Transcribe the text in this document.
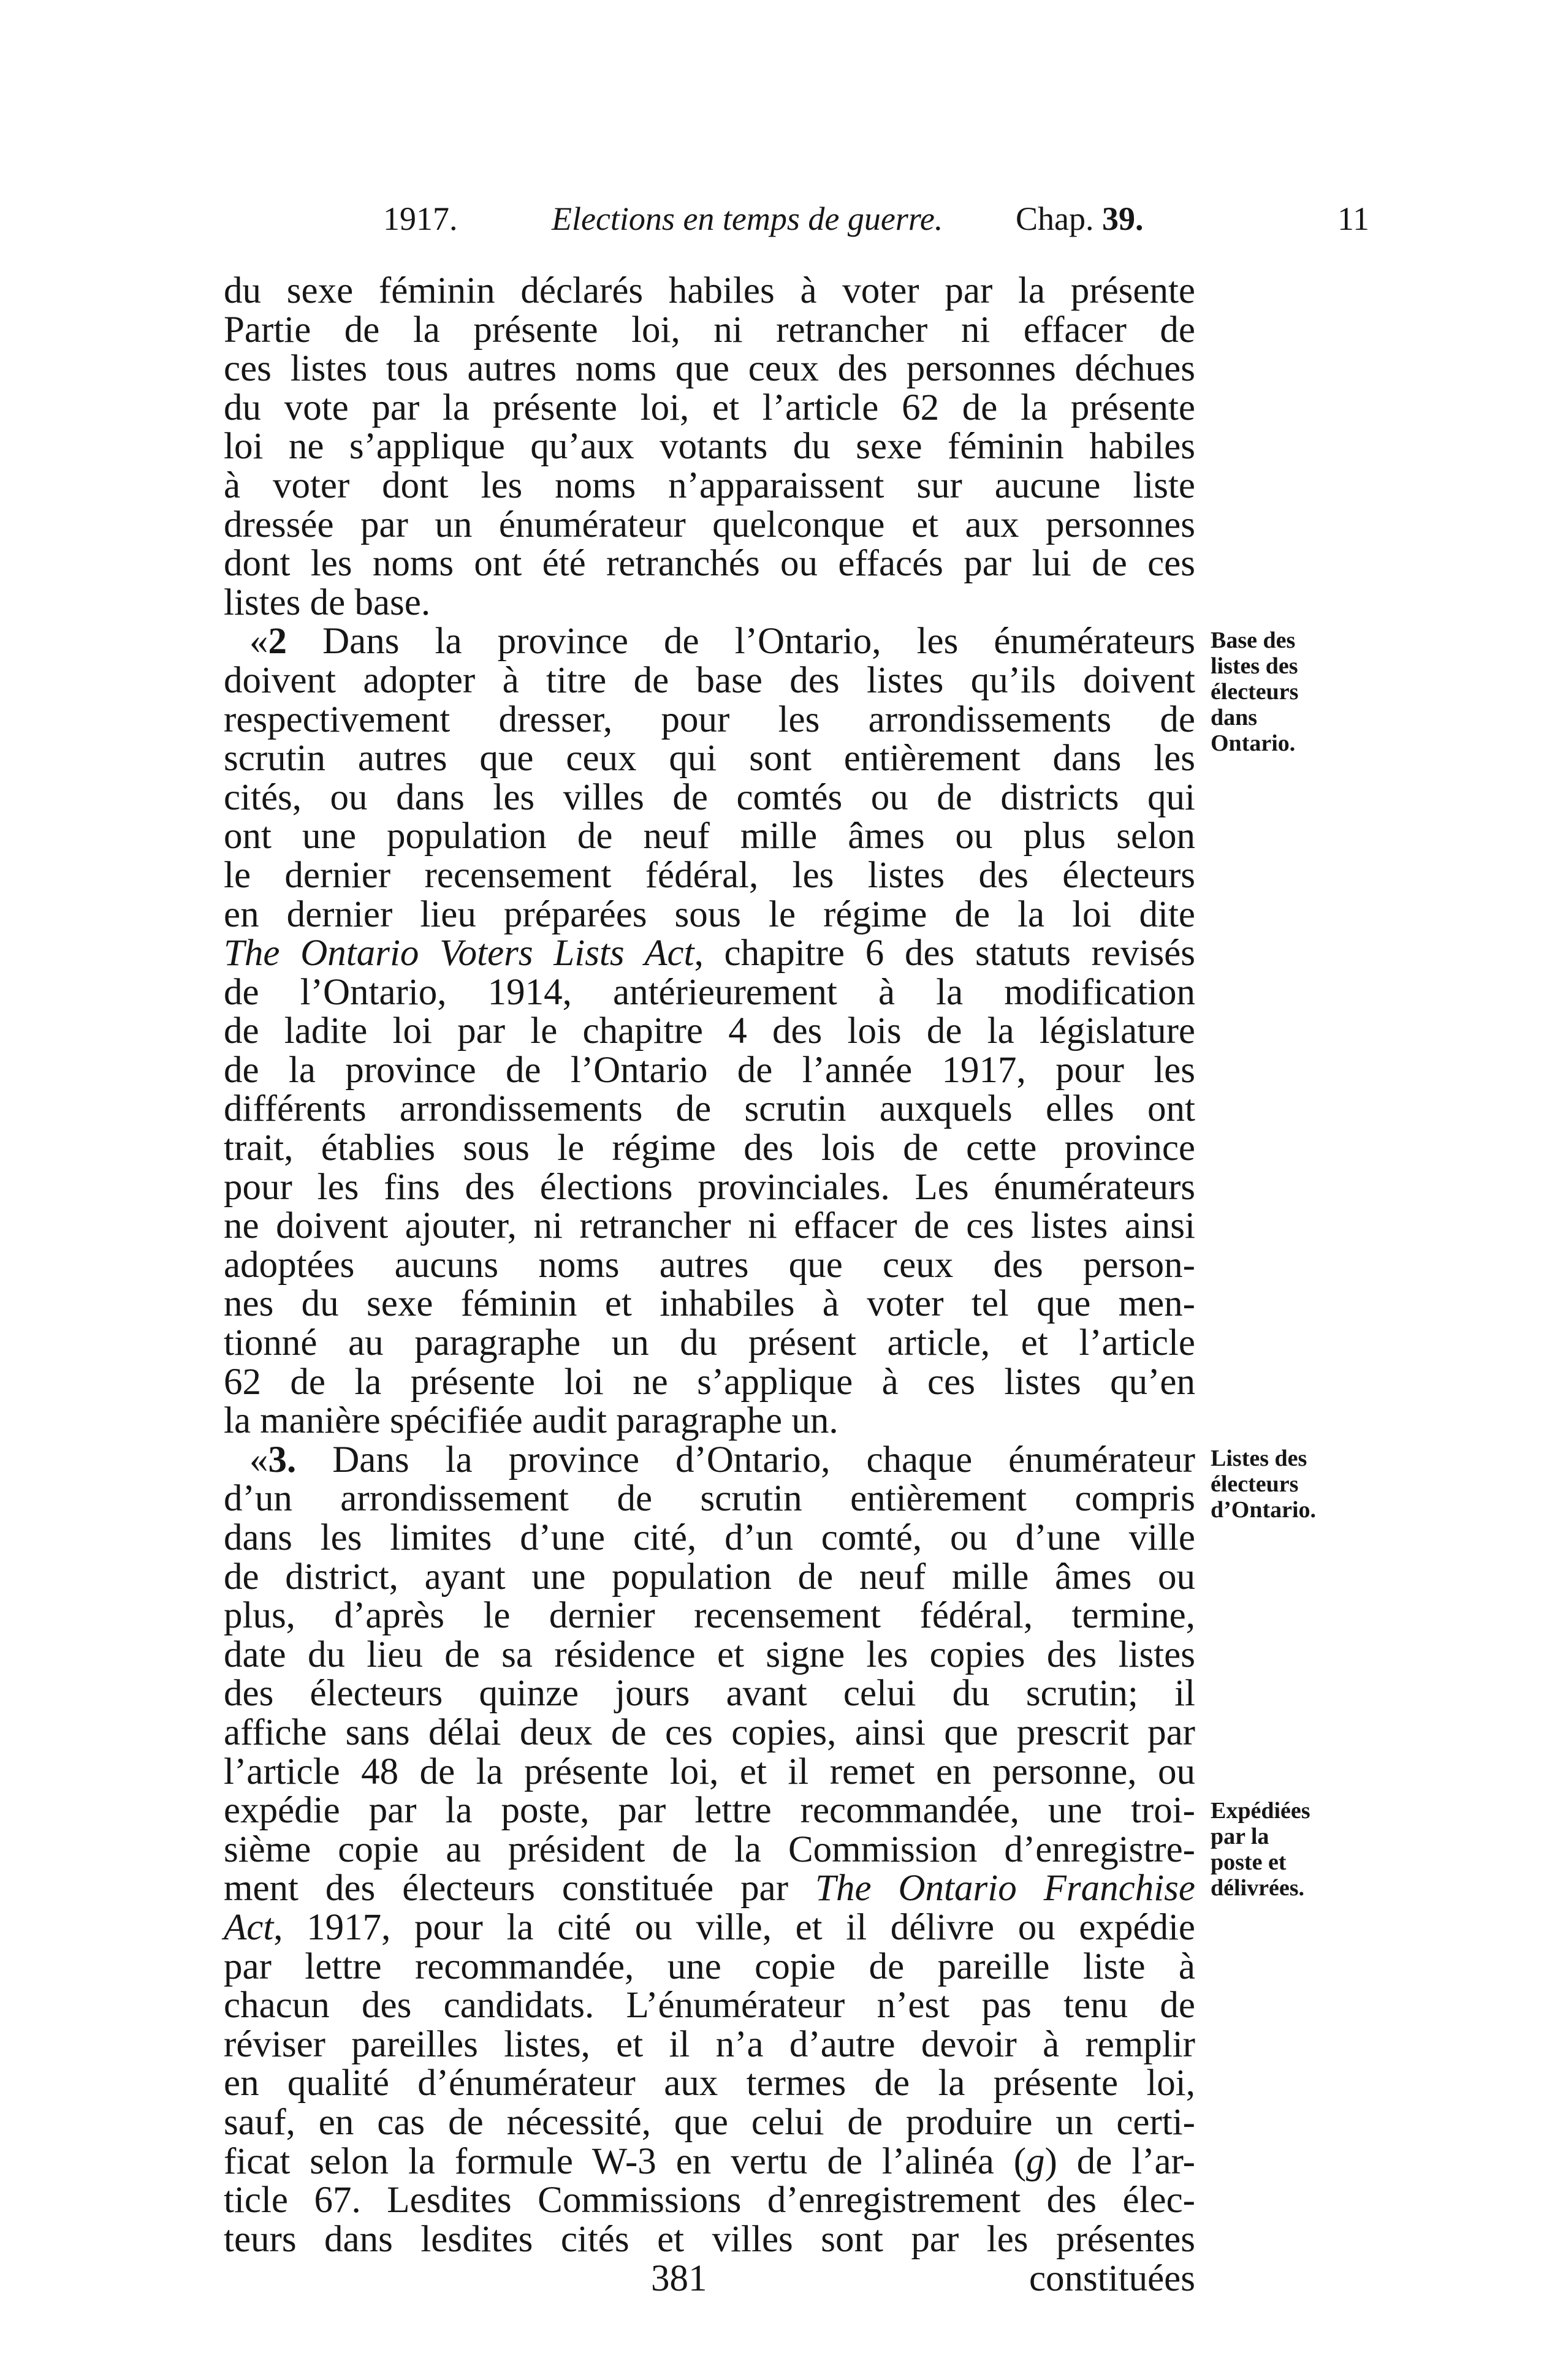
1917.	Elections en temps de guerre. Chap. 39.	11
du sexe féminin déclarés habiles à voter par la présente
Partie de la présente loi, ni retrancher ni effacer de
ces listes tous autres noms que ceux des personnes déchues
du vote par la présente loi, et l’article 62 de la présente
loi ne s’applique qu’aux votants du sexe féminin habiles
à voter dont les noms n’apparaissent sur aucune liste
dressée par un énumérateur quelconque et aux personnes
dont les noms ont été retranchés ou effacés par lui de ces
listes de base.
«2 Dans la province de l’Ontario, les énumérateurs
doivent adopter à titre de base des listes qu’ils doivent
respectivement dresser, pour les arrondissements de
scrutin autres que ceux qui sont entièrement dans les
cités, ou dans les villes de comtés ou de districts qui
ont une population de neuf mille âmes ou plus selon
le dernier recensement fédéral, les listes des électeurs
en dernier lieu préparées sous le régime de la loi dite
The Ontario Voters Lists Act, chapitre 6 des statuts revisés
de l’Ontario, 1914, antérieurement à la modification
de ladite loi par le chapitre 4 des lois de la législature
de la province de l’Ontario de l’année 1917, pour les
différents arrondissements de scrutin auxquels elles ont
trait, établies sous le régime des lois de cette province
pour les fins des élections provinciales. Les énumérateurs
ne doivent ajouter, ni retrancher ni effacer de ces listes ainsi
adoptées aucuns noms autres que ceux des person-
nes du sexe féminin et inhabiles à voter tel que men-
tionné au paragraphe un du présent article, et l’article
62 de la présente loi ne s’applique à ces listes qu’en
la manière spécifiée audit paragraphe un.
«3. Dans la province d’Ontario, chaque énumérateur
d’un arrondissement de scrutin entièrement compris
dans les limites d’une cité, d’un comté, ou d’une ville
de district, ayant une population de neuf mille âmes ou
plus, d’après le dernier recensement fédéral, termine,
date du lieu de sa résidence et signe les copies des listes
des électeurs quinze jours avant celui du scrutin; il
affiche sans délai deux de ces copies, ainsi que prescrit par
l’article 48 de la présente loi, et il remet en personne, ou
expédie par la poste, par lettre recommandée, une troi-
sième copie au président de la Commission d’enregistre-
ment des électeurs constituée par The Ontario Franchise
Act, 1917, pour la cité ou ville, et il délivre ou expédie
par lettre recommandée, une copie de pareille liste à
chacun des candidats. L’énumérateur n’est pas tenu de
réviser pareilles listes, et il n’a d’autre devoir à remplir
en qualité d’énumérateur aux termes de la présente loi,
sauf, en cas de nécessité, que celui de produire un certi-
ficat selon la formule W-3 en vertu de l’alinéa (g) de l’ar-
ticle 67. Lesdites Commissions d’enregistrement des élec-
teurs dans lesdites cités et villes sont par les présentes
Base des
listes des
électeurs
dans
Ontario.
Listes des
électeurs
d’Ontario.
Expédiées
par la
poste et
délivrées.
381	constituées
